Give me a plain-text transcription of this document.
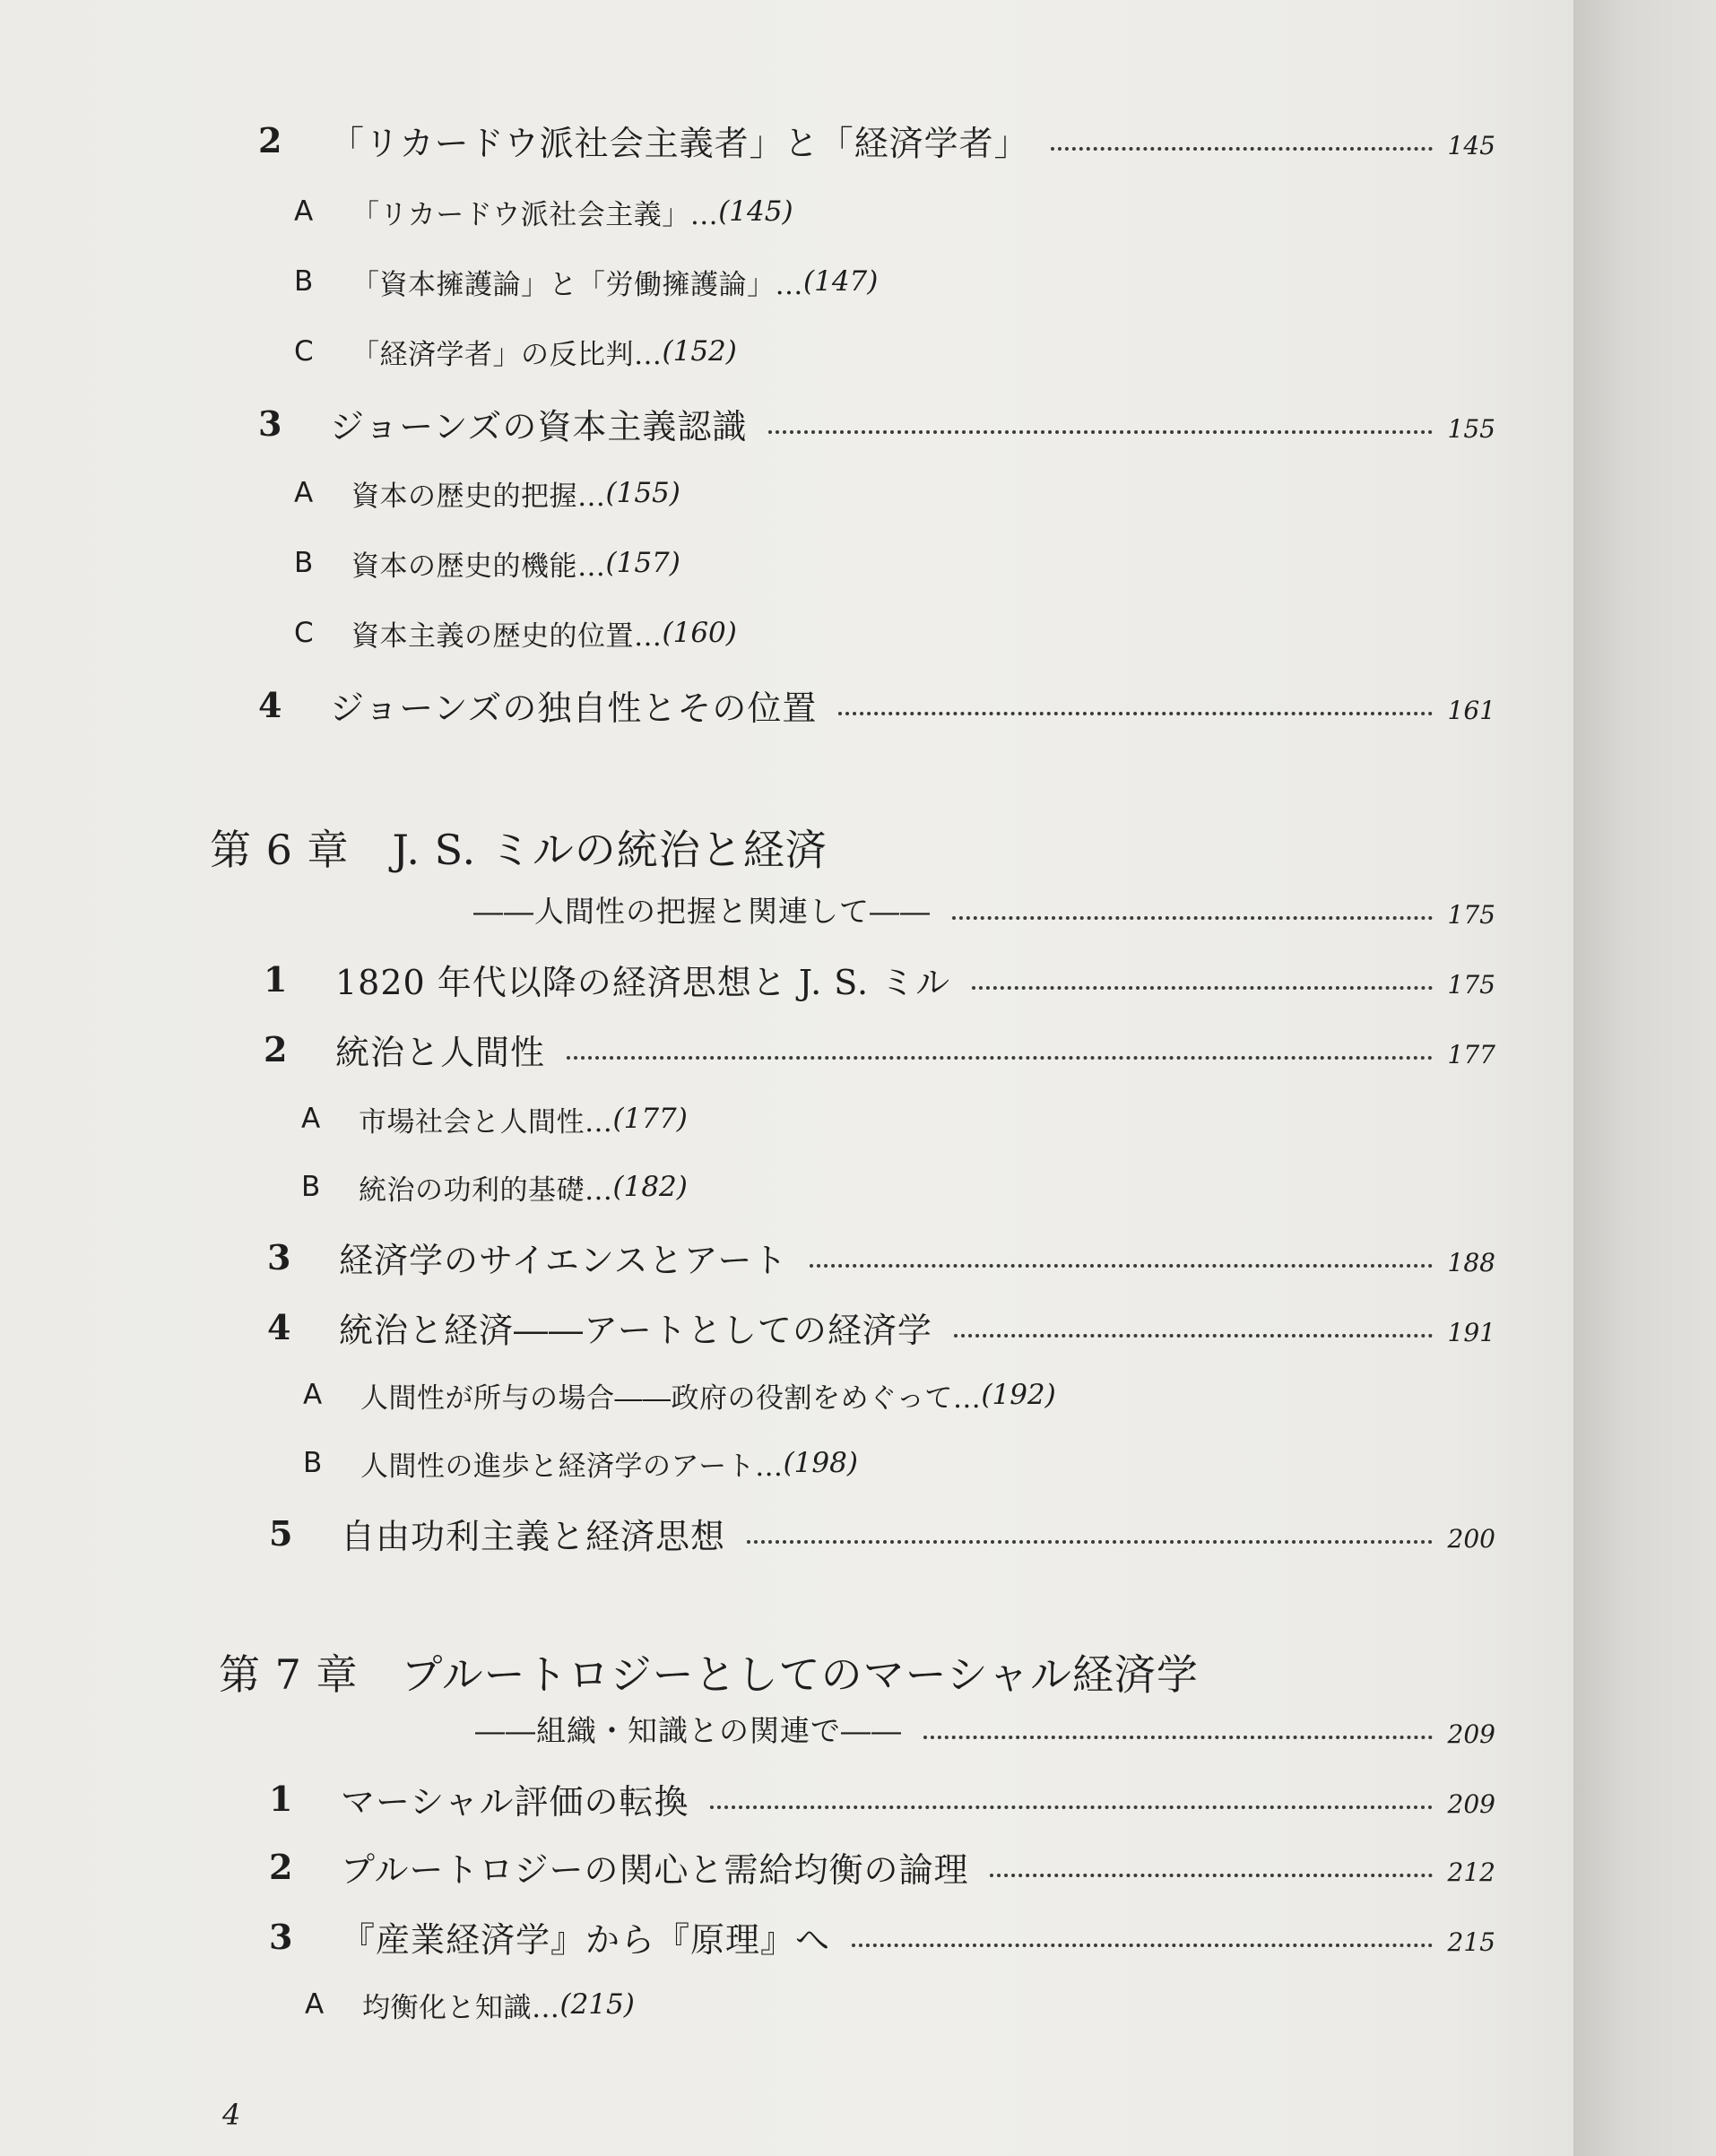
2	「リカードウ派社会主義者」と「経済学者」	145
A	「リカードウ派社会主義」… (145)
B	「資本擁護論」と「労働擁護論」… (147)
C	「経済学者」の反比判… (152)
3	ジョーンズの資本主義認識	155
A	資本の歴史的把握… (155)
B	資本の歴史的機能… (157)
C	資本主義の歴史的位置… (160)
4	ジョーンズの独自性とその位置	161
第 6 章 J. S. ミルの統治と経済
――人間性の把握と関連して――	175
1	1820 年代以降の経済思想と J. S. ミル	175
2	統治と人間性	177
A	市場社会と人間性… (177)
B	統治の功利的基礎… (182)
3	経済学のサイエンスとアート	188
4	統治と経済――アートとしての経済学	191
A	人間性が所与の場合――政府の役割をめぐって… (192)
B	人間性の進歩と経済学のアート… (198)
5	自由功利主義と経済思想	200
第 7 章 プルートロジーとしてのマーシャル経済学
――組織・知識との関連で――	209
1	マーシャル評価の転換	209
2	プルートロジーの関心と需給均衡の論理	212
3	『産業経済学』から『原理』へ	215
A	均衡化と知識… (215)
4
